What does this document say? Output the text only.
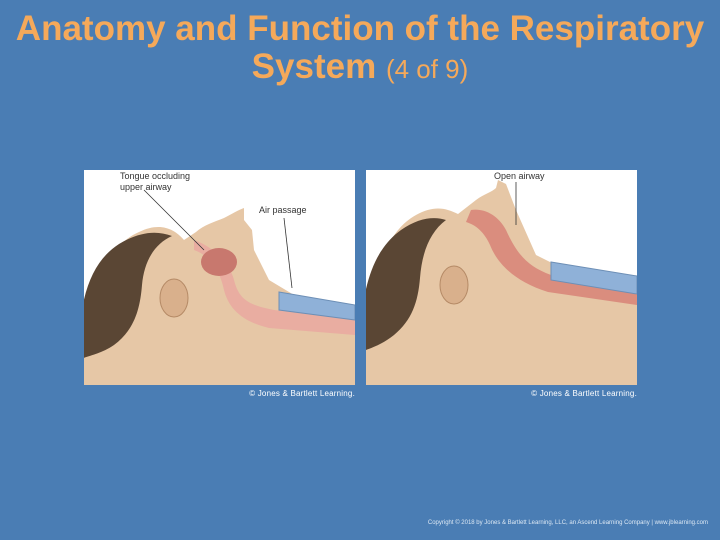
Anatomy and Function of the Respiratory System (4 of 9)
Tongue occluding
upper airway
Air passage
© Jones & Bartlett Learning.
Open airway
© Jones & Bartlett Learning.
Copyright © 2018 by Jones & Bartlett Learning, LLC, an Ascend Learning Company | www.jblearning.com
